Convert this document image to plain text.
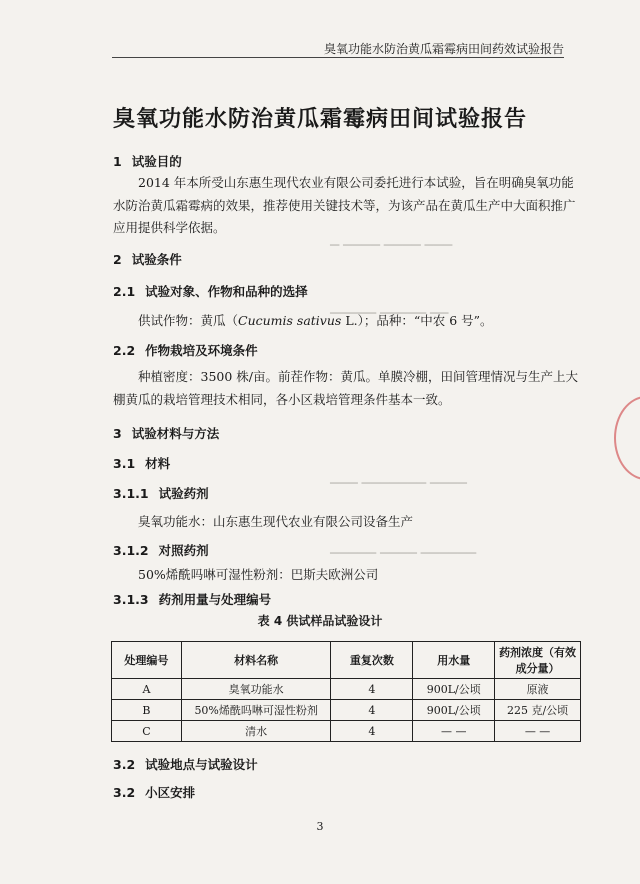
▁ ▁▁▁▁ ▁▁▁▁ ▁▁▁
▁▁▁▁▁ ▁▁▁▁▁ ▁▁
▁▁▁ ▁▁▁▁▁▁▁ ▁▁▁▁
▁▁▁▁▁ ▁▁▁▁ ▁▁▁▁▁▁
臭氧功能水防治黄瓜霜霉病田间药效试验报告
臭氧功能水防治黄瓜霜霉病田间试验报告
1 试验目的
2014 年本所受山东惠生现代农业有限公司委托进行本试验，旨在明确臭氧功能水防治黄瓜霜霉病的效果，推荐使用关键技术等，为该产品在黄瓜生产中大面积推广应用提供科学依据。
2 试验条件
2.1 试验对象、作物和品种的选择
供试作物：黄瓜（Cucumis sativus L.）；品种：“中农 6 号”。
2.2 作物栽培及环境条件
种植密度：3500 株/亩。前茬作物：黄瓜。单膜冷棚，田间管理情况与生产上大棚黄瓜的栽培管理技术相同，各小区栽培管理条件基本一致。
3 试验材料与方法
3.1 材料
3.1.1 试验药剂
臭氧功能水：山东惠生现代农业有限公司设备生产
3.1.2 对照药剂
50%烯酰吗啉可湿性粉剂：巴斯夫欧洲公司
3.1.3 药剂用量与处理编号
表 4 供试样品试验设计
处理编号	材料名称	重复次数	用水量	药剂浓度（有效成分量）
A	臭氧功能水	4	900L/公顷	原液
B	50%烯酰吗啉可湿性粉剂	4	900L/公顷	225 克/公顷
C	清水	4	— —	— —
3.2 试验地点与试验设计
3.2 小区安排
3
